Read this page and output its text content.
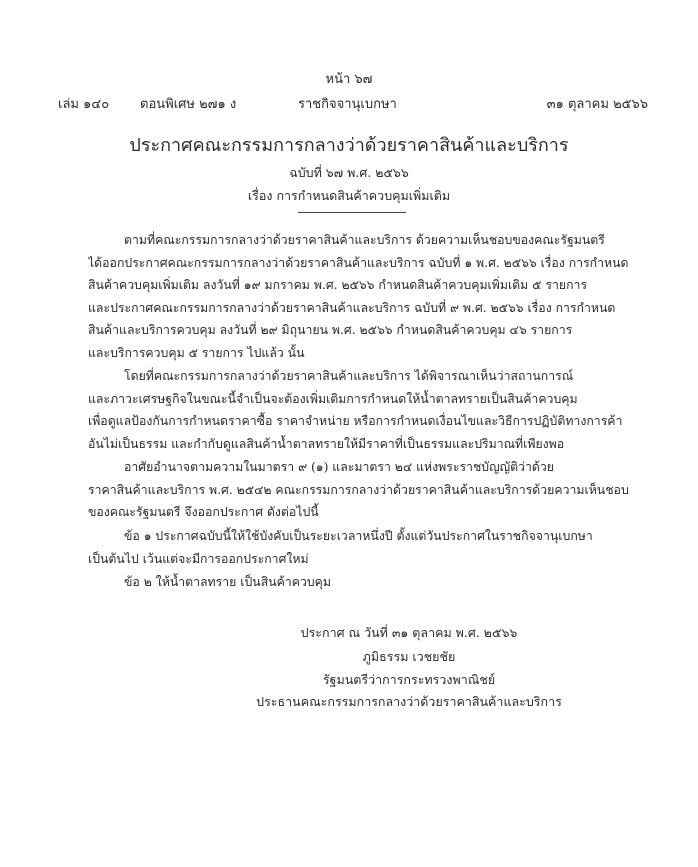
หน้า ๖๗
เล่ม ๑๔๐ ตอนพิเศษ ๒๗๑ ง	ราชกิจจานุเบกษา	๓๑ ตุลาคม ๒๕๖๖
ประกาศคณะกรรมการกลางว่าด้วยราคาสินค้าและบริการ
ฉบับที่ ๖๗ พ.ศ. ๒๕๖๖
เรื่อง การกำหนดสินค้าควบคุมเพิ่มเติม
ตามที่คณะกรรมการกลางว่าด้วยราคาสินค้าและบริการ ด้วยความเห็นชอบของคณะรัฐมนตรี
ได้ออกประกาศคณะกรรมการกลางว่าด้วยราคาสินค้าและบริการ ฉบับที่ ๑ พ.ศ. ๒๕๖๖ เรื่อง การกำหนด
สินค้าควบคุมเพิ่มเติม ลงวันที่ ๑๙ มกราคม พ.ศ. ๒๕๖๖ กำหนดสินค้าควบคุมเพิ่มเติม ๕ รายการ
และประกาศคณะกรรมการกลางว่าด้วยราคาสินค้าและบริการ ฉบับที่ ๙ พ.ศ. ๒๕๖๖ เรื่อง การกำหนด
สินค้าและบริการควบคุม ลงวันที่ ๒๙ มิถุนายน พ.ศ. ๒๕๖๖ กำหนดสินค้าควบคุม ๔๖ รายการ
และบริการควบคุม ๕ รายการ ไปแล้ว นั้น
โดยที่คณะกรรมการกลางว่าด้วยราคาสินค้าและบริการ ได้พิจารณาเห็นว่าสถานการณ์
และภาวะเศรษฐกิจในขณะนี้จำเป็นจะต้องเพิ่มเติมการกำหนดให้น้ำตาลทรายเป็นสินค้าควบคุม
เพื่อดูแลป้องกันการกำหนดราคาซื้อ ราคาจำหน่าย หรือการกำหนดเงื่อนไขและวิธีการปฏิบัติทางการค้า
อันไม่เป็นธรรม และกำกับดูแลสินค้าน้ำตาลทรายให้มีราคาที่เป็นธรรมและปริมาณที่เพียงพอ
อาศัยอำนาจตามความในมาตรา ๙ (๑) และมาตรา ๒๔ แห่งพระราชบัญญัติว่าด้วย
ราคาสินค้าและบริการ พ.ศ. ๒๕๔๒ คณะกรรมการกลางว่าด้วยราคาสินค้าและบริการด้วยความเห็นชอบ
ของคณะรัฐมนตรี จึงออกประกาศ ดังต่อไปนี้
ข้อ ๑ ประกาศฉบับนี้ให้ใช้บังคับเป็นระยะเวลาหนึ่งปี ตั้งแต่วันประกาศในราชกิจจานุเบกษา
เป็นต้นไป เว้นแต่จะมีการออกประกาศใหม่
ข้อ ๒ ให้น้ำตาลทราย เป็นสินค้าควบคุม
ประกาศ ณ วันที่ ๓๑ ตุลาคม พ.ศ. ๒๕๖๖
ภูมิธรรม เวชยชัย
รัฐมนตรีว่าการกระทรวงพาณิชย์
ประธานคณะกรรมการกลางว่าด้วยราคาสินค้าและบริการ
